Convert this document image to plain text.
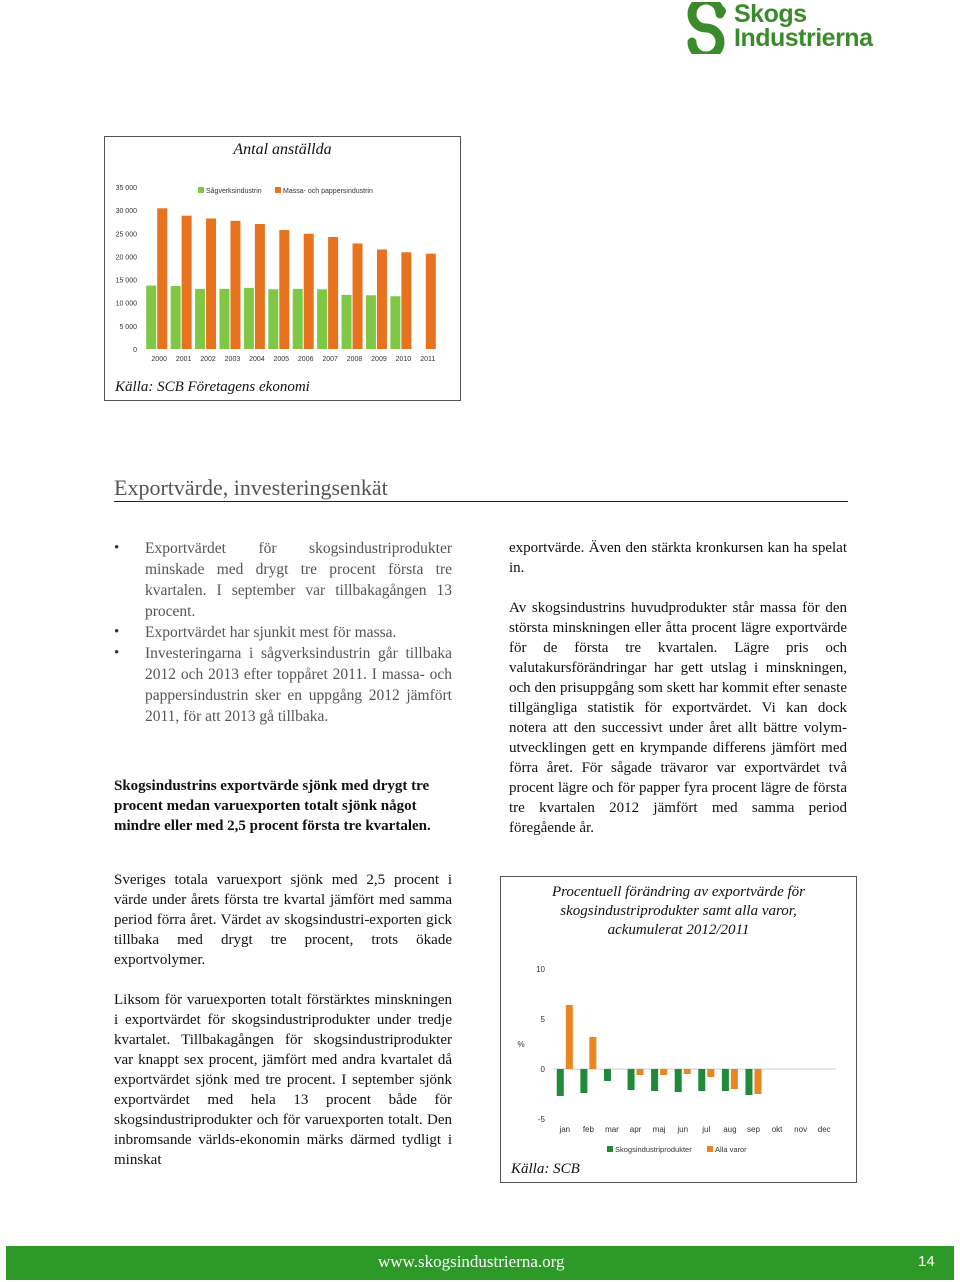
Skogs
Industrierna
Antal anställda
35 000
30 000
25 000
20 000
15 000
10 000
5 000
0
2000 2001 2002 2003 2004 2005 2006 2007 2008 2009 2010 2011
Sågverksindustrin	Massa- och pappersindustrin
Källa: SCB Företagens ekonomi
Exportvärde, investeringsenkät
• Exportvärdet för skogsindustriprodukter minskade med drygt tre procent första tre kvartalen. I september var tillbakagången 13 procent.
• Exportvärdet har sjunkit mest för massa.
• Investeringarna i sågverksindustrin går tillbaka 2012 och 2013 efter toppåret 2011. I massa- och pappersindustrin sker en uppgång 2012 jämfört 2011, för att 2013 gå tillbaka.
Skogsindustrins exportvärde sjönk med drygt tre procent medan varuexporten totalt sjönk något mindre eller med 2,5 procent första tre kvartalen.
Sveriges totala varuexport sjönk med 2,5 procent i värde under årets första tre kvartal jämfört med samma period förra året. Värdet av skogsindustri-exporten gick tillbaka med drygt tre procent, trots ökade exportvolymer.
Liksom för varuexporten totalt förstärktes minskningen i exportvärdet för skogsindustriprodukter under tredje kvartalet. Tillbakagången för skogsindustriprodukter var knappt sex procent, jämfört med andra kvartalet då exportvärdet sjönk med tre procent. I september sjönk exportvärdet med hela 13 procent både för skogsindustriprodukter och för varuexporten totalt. Den inbromsande världs-ekonomin märks därmed tydligt i minskat
exportvärde. Även den stärkta kronkursen kan ha spelat in.
Av skogsindustrins huvudprodukter står massa för den största minskningen eller åtta procent lägre exportvärde för de första tre kvartalen. Lägre pris och valutakursförändringar har gett utslag i minskningen, och den prisuppgång som skett har kommit efter senaste tillgängliga statistik för exportvärdet. Vi kan dock notera att den successivt under året allt bättre volym-utvecklingen gett en krympande differens jämfört med förra året. För sågade trävaror var exportvärdet två procent lägre och för papper fyra procent lägre de första tre kvartalen 2012 jämfört med samma period föregående år.
Procentuell förändring av exportvärde för
skogsindustriprodukter samt alla varor,
ackumulerat 2012/2011
10
5
0
-5
%
jan feb mar apr maj jun jul aug sep okt nov dec
Skogsindustriprodukter	Alla varor
Källa: SCB
www.skogsindustrierna.org	14
